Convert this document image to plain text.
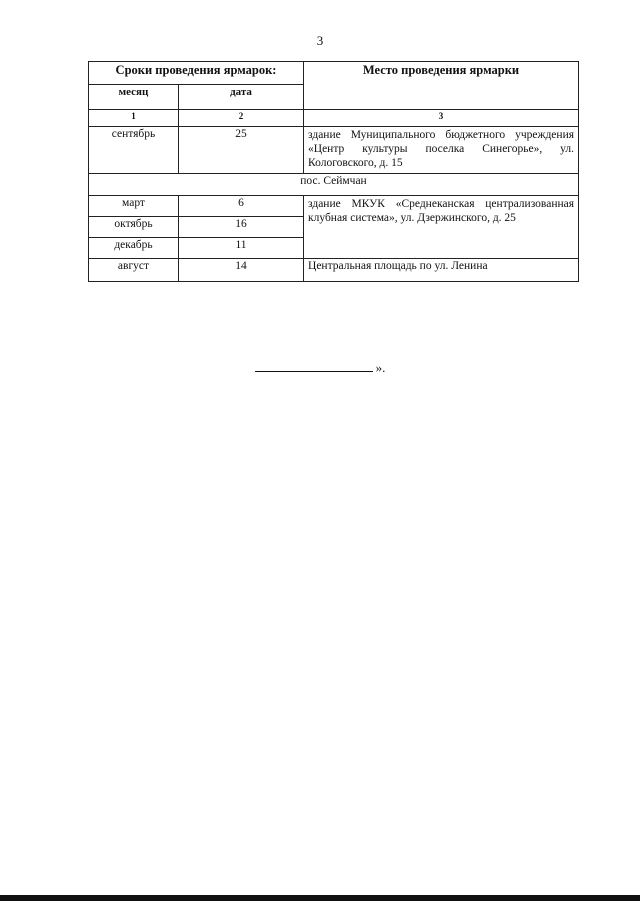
3
Сроки проведения ярмарок:		Место проведения ярмарки
месяц	дата	
1	2	3
сентябрь	25	здание Муниципального бюджетного учреждения «Центр культуры поселка Синегорье», ул. Кологовского, д. 15
пос. Сеймчан		
март	6	здание МКУК «Среднеканская централизованная клубная система», ул. Дзержинского, д. 25
октябрь	16	
декабрь	11	
август	14	Центральная площадь по ул. Ленина
».
